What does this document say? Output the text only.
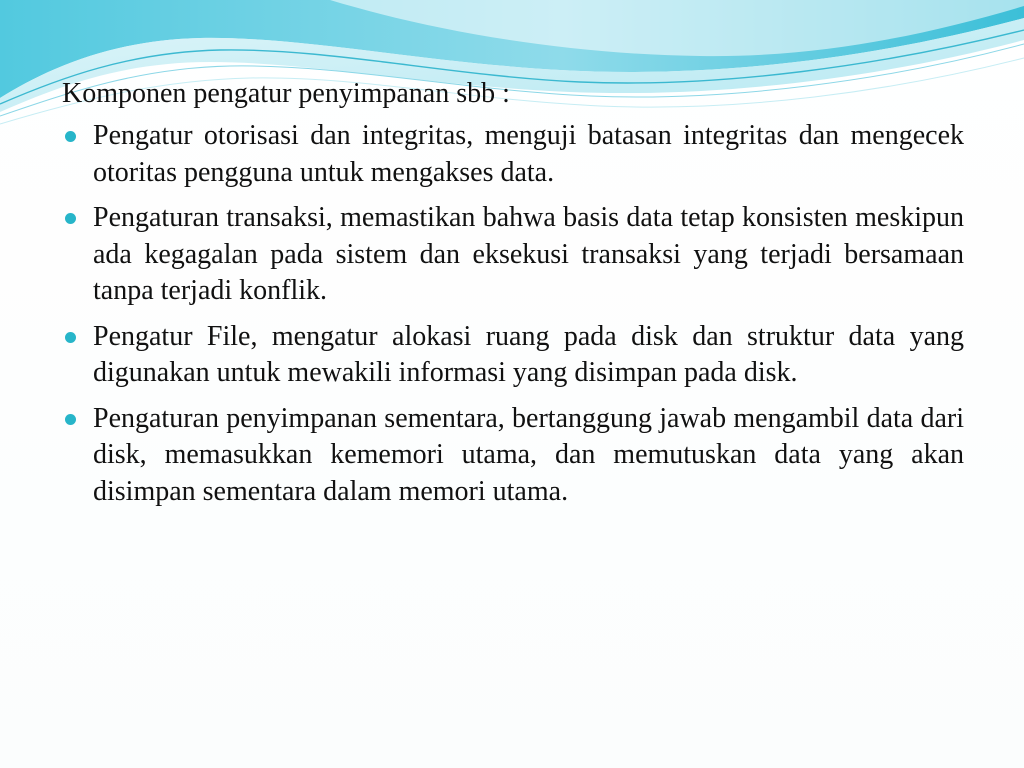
Komponen pengatur penyimpanan sbb :

Pengatur otorisasi dan integritas, menguji batasan integritas dan mengecek otoritas pengguna untuk mengakses data.
Pengaturan transaksi, memastikan bahwa basis data tetap konsisten meskipun ada kegagalan pada sistem dan eksekusi transaksi yang terjadi bersamaan tanpa terjadi konflik.
Pengatur File, mengatur alokasi ruang pada disk dan struktur data yang digunakan untuk mewakili informasi yang disimpan pada disk.
Pengaturan penyimpanan sementara, bertanggung jawab mengambil data dari disk, memasukkan kememori utama, dan memutuskan data yang akan disimpan sementara dalam memori utama.
